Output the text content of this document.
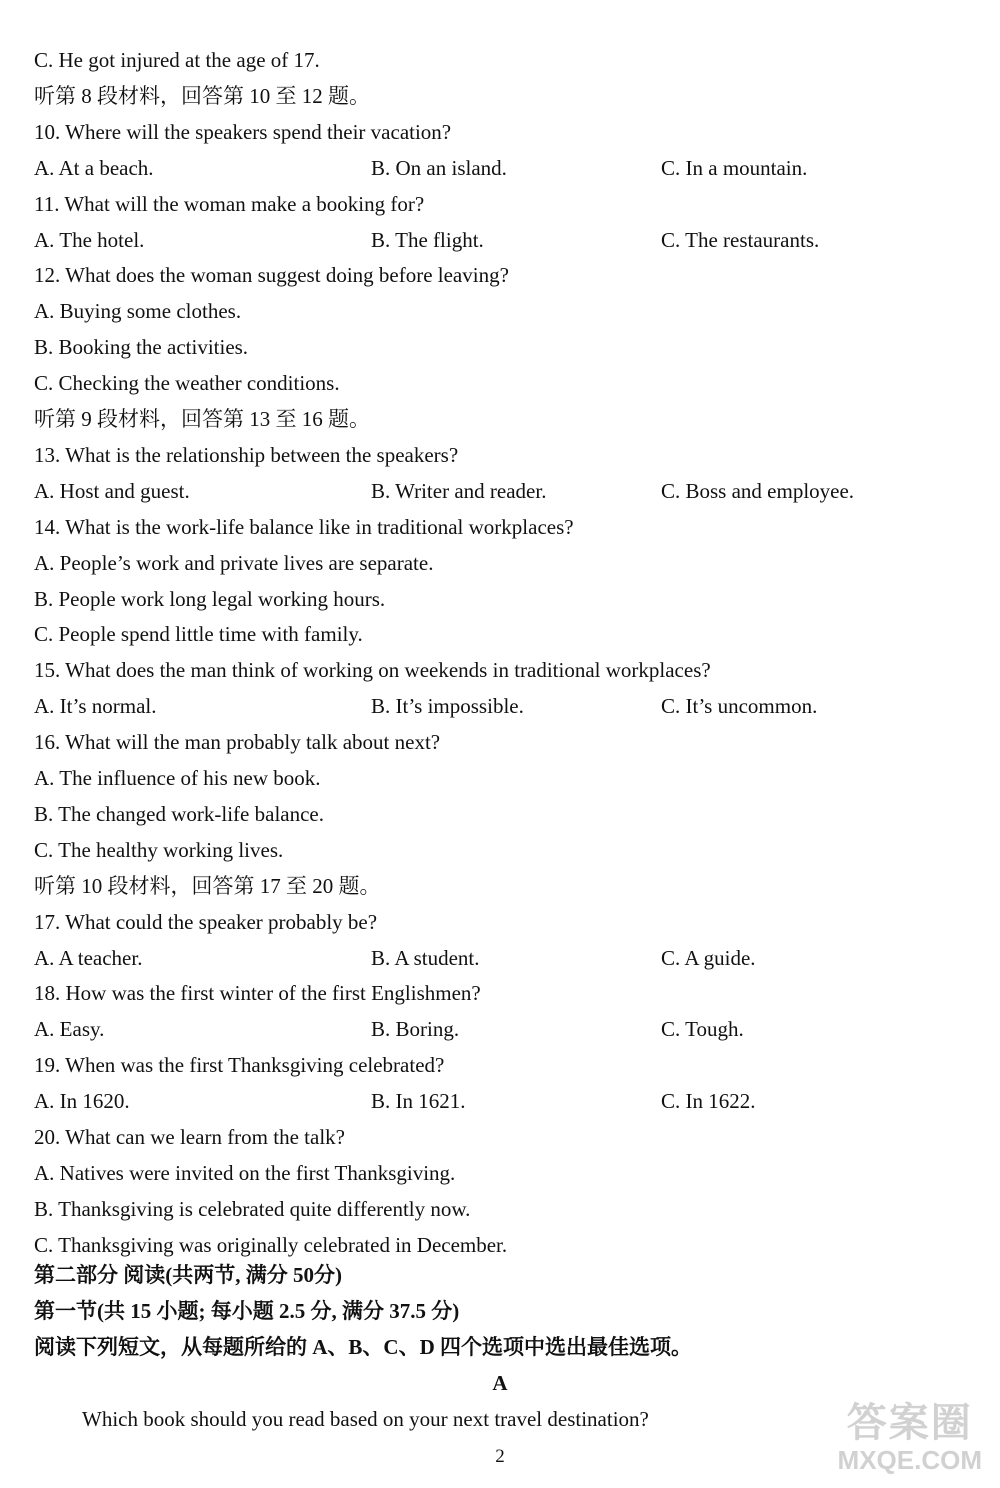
C. He got injured at the age of 17.
听第 8 段材料，回答第 10 至 12 题。
10. Where will the speakers spend their vacation?
A. At a beach.	B. On an island.	C. In a mountain.
11. What will the woman make a booking for?
A. The hotel.	B. The flight.	C. The restaurants.
12. What does the woman suggest doing before leaving?
A. Buying some clothes.
B. Booking the activities.
C. Checking the weather conditions.
听第 9 段材料，回答第 13 至 16 题。
13. What is the relationship between the speakers?
A. Host and guest.	B. Writer and reader.	C. Boss and employee.
14. What is the work-life balance like in traditional workplaces?
A. People’s work and private lives are separate.
B. People work long legal working hours.
C. People spend little time with family.
15. What does the man think of working on weekends in traditional workplaces?
A. It’s normal.	B. It’s impossible.	C. It’s uncommon.
16. What will the man probably talk about next?
A. The influence of his new book.
B. The changed work-life balance.
C. The healthy working lives.
听第 10 段材料，回答第 17 至 20 题。
17. What could the speaker probably be?
A. A teacher.	B. A student.	C. A guide.
18. How was the first winter of the first Englishmen?
A. Easy.	B. Boring.	C. Tough.
19. When was the first Thanksgiving celebrated?
A. In 1620.	B. In 1621.	C. In 1622.
20. What can we learn from the talk?
A. Natives were invited on the first Thanksgiving.
B. Thanksgiving is celebrated quite differently now.
C. Thanksgiving was originally celebrated in December.
第二部分 阅读(共两节, 满分 50分)
第一节(共 15 小题; 每小题 2.5 分, 满分 37.5 分)
阅读下列短文，从每题所给的 A、B、C、D 四个选项中选出最佳选项。
A
Which book should you read based on your next travel destination?
2
答案圈
MXQE.COM
